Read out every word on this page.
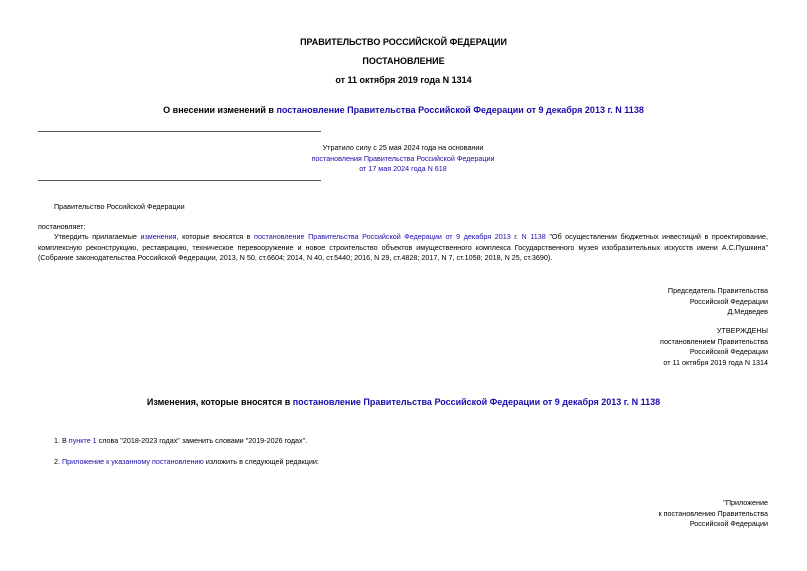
ПРАВИТЕЛЬСТВО РОССИЙСКОЙ ФЕДЕРАЦИИ
ПОСТАНОВЛЕНИЕ
от 11 октября 2019 года N 1314
О внесении изменений в постановление Правительства Российской Федерации от 9 декабря 2013 г. N 1138
Утратило силу с 25 мая 2024 года на основании
постановления Правительства Российской Федерации
от 17 мая 2024 года N 618
Правительство Российской Федерации
постановляет:
Утвердить прилагаемые изменения, которые вносятся в постановление Правительства Российской Федерации от 9 декабря 2013 г. N 1138 "Об осуществлении бюджетных инвестиций в проектирование, комплексную реконструкцию, реставрацию, техническое перевооружение и новое строительство объектов имущественного комплекса Государственного музея изобразительных искусств имени А.С.Пушкина" (Собрание законодательства Российской Федерации, 2013, N 50, ст.6604; 2014, N 40, ст.5440; 2016, N 29, ст.4828; 2017, N 7, ст.1058; 2018, N 25, ст.3690).
Председатель Правительства
Российской Федерации
Д.Медведев
УТВЕРЖДЕНЫ
постановлением Правительства
Российской Федерации
от 11 октября 2019 года N 1314
Изменения, которые вносятся в постановление Правительства Российской Федерации от 9 декабря 2013 г. N 1138
1. В пункте 1 слова "2018-2023 годах" заменить словами "2019-2026 годах".
2. Приложение к указанному постановлению изложить в следующей редакции:
"Приложение
к постановлению Правительства
Российской Федерации
